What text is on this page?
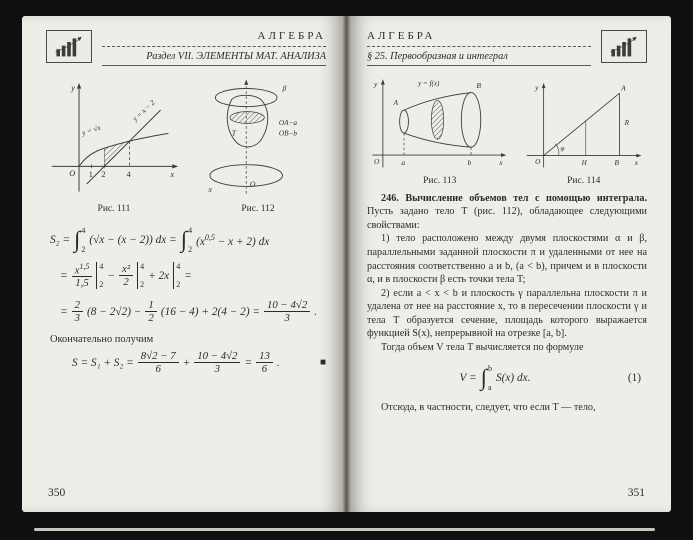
АЛГЕБРА
Раздел VII. ЭЛЕМЕНТЫ МАТ. АНАЛИЗА
y
x
O 1 2 4
y = √x
y = x − 2
Рис. 111
β
T
π
O
OA−a
OB−b
Рис. 112
S₂ = ∫ 4
2
(√x − (x − 2)) dx = ∫ 4
2
$(x^{0,5} - x + 2)$ dx
= $\frac{x^{1,5}}{1,5} 4$
2
− $\frac{\text{x²}}{2} 4$
2
+ 2x
4
2
=
= $\frac{2}{3} (8 - 2√2) - \frac{1}{2} (16 - 4) + 2(4 - 2) = \frac{10 - 4√2}{3}$ .
Окончательно получим
$S = S_1 + S_2 = \frac{8√2 - 7}{6} + \frac{10 - 4√2}{3} = \frac{13}{6}$ .	■
350
АЛГЕБРА
§ 25. Первообразная и интеграл
y
x
O	a	b
A
B
y = f(x)
Рис. 113
y
x
O
A
R
H	B
φ
Рис. 114

246. Вычисление объемов тел с помощью интеграла. Пусть задано тело T (рис. 112), обладающее следующими свойствами:

1) тело расположено между двумя плоскостями α и β, параллельными заданной плоскости π и удаленными от нее на расстояния соответственно a и b, (a < b), причем и в плоскости α, и в плоскости β есть точки тела T;

2) если a < x < b и плоскость γ параллельна плоскости π и удалена от нее на расстояние x, то в пересечении плоскости γ и тела T образуется сечение, площадь которого выражается функцией S(x), непрерывной на отрезке [a, b].

Тогда объем V тела T вычисляется по формуле

V = ∫ b
a
S(x) dx.	(1)

Отсюда, в частности, следует, что если T — тело,

351
